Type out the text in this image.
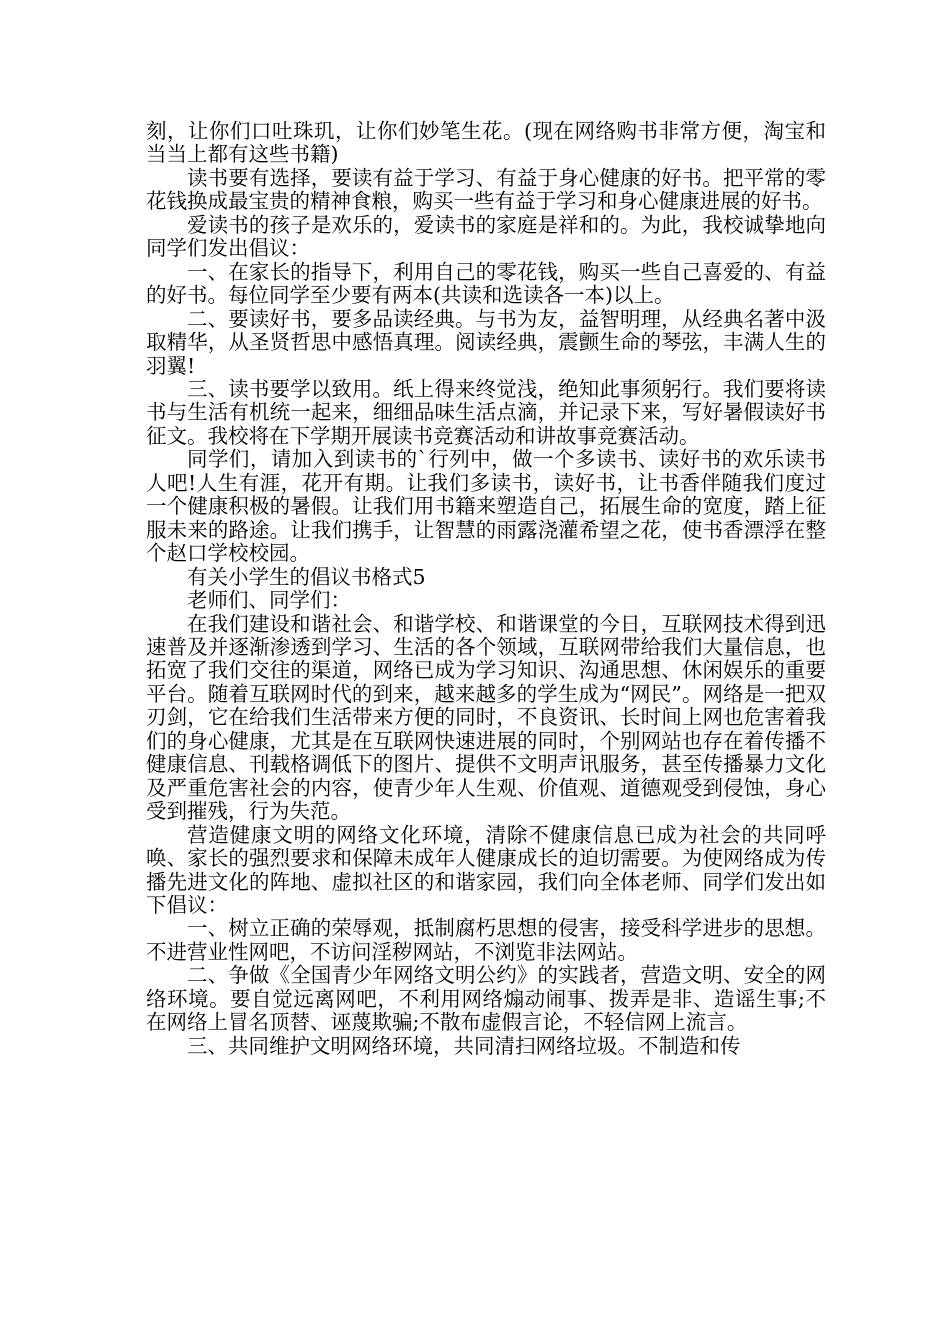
刻，让你们口吐珠玑，让你们妙笔生花。(现在网络购书非常方便，淘宝和当当上都有这些书籍)

读书要有选择，要读有益于学习、有益于身心健康的好书。把平常的零花钱换成最宝贵的精神食粮，购买一些有益于学习和身心健康进展的好书。

爱读书的孩子是欢乐的，爱读书的家庭是祥和的。为此，我校诚挚地向同学们发出倡议：

一、在家长的指导下，利用自己的零花钱，购买一些自己喜爱的、有益的好书。每位同学至少要有两本(共读和选读各一本)以上。

二、要读好书，要多品读经典。与书为友，益智明理，从经典名著中汲取精华，从圣贤哲思中感悟真理。阅读经典，震颤生命的琴弦，丰满人生的羽翼!

三、读书要学以致用。纸上得来终觉浅，绝知此事须躬行。我们要将读书与生活有机统一起来，细细品味生活点滴，并记录下来，写好暑假读好书征文。我校将在下学期开展读书竞赛活动和讲故事竞赛活动。

同学们，请加入到读书的`行列中，做一个多读书、读好书的欢乐读书人吧!人生有涯，花开有期。让我们多读书，读好书，让书香伴随我们度过一个健康积极的暑假。让我们用书籍来塑造自己，拓展生命的宽度，踏上征服未来的路途。让我们携手，让智慧的雨露浇灌希望之花，使书香漂浮在整个赵口学校校园。

有关小学生的倡议书格式5

老师们、同学们：

在我们建设和谐社会、和谐学校、和谐课堂的今日，互联网技术得到迅速普及并逐渐渗透到学习、生活的各个领域，互联网带给我们大量信息，也拓宽了我们交往的渠道，网络已成为学习知识、沟通思想、休闲娱乐的重要平台。随着互联网时代的到来，越来越多的学生成为“网民”。网络是一把双刃剑，它在给我们生活带来方便的同时，不良资讯、长时间上网也危害着我们的身心健康，尤其是在互联网快速进展的同时，个别网站也存在着传播不健康信息、刊载格调低下的图片、提供不文明声讯服务，甚至传播暴力文化及严重危害社会的内容，使青少年人生观、价值观、道德观受到侵蚀，身心受到摧残，行为失范。

营造健康文明的网络文化环境，清除不健康信息已成为社会的共同呼唤、家长的强烈要求和保障未成年人健康成长的迫切需要。为使网络成为传播先进文化的阵地、虚拟社区的和谐家园，我们向全体老师、同学们发出如下倡议：

一、树立正确的荣辱观，抵制腐朽思想的侵害，接受科学进步的思想。不进营业性网吧，不访问淫秽网站，不浏览非法网站。

二、争做《全国青少年网络文明公约》的实践者，营造文明、安全的网络环境。要自觉远离网吧，不利用网络煽动闹事、拨弄是非、造谣生事;不在网络上冒名顶替、诬蔑欺骗;不散布虚假言论，不轻信网上流言。

三、共同维护文明网络环境，共同清扫网络垃圾。不制造和传
